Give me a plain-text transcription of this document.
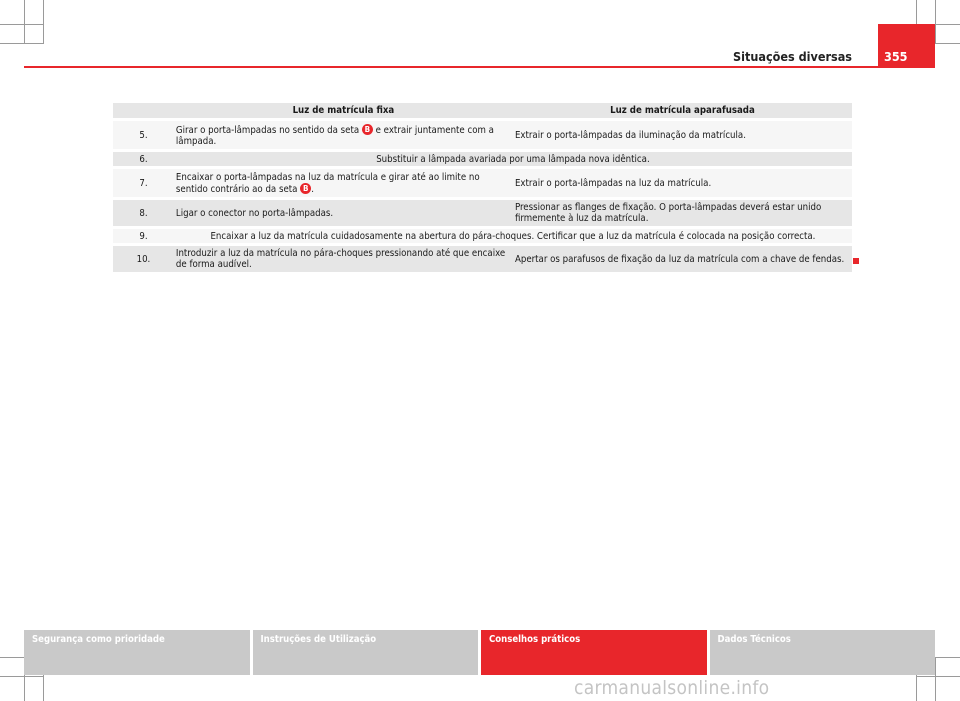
Situações diversas	355
	Luz de matrícula fixa	Luz de matrícula aparafusada
5.	Girar o porta-lâmpadas no sentido da seta B e extrair juntamente com a lâmpada.	Extrair o porta-lâmpadas da iluminação da matrícula.
6.	Substituir a lâmpada avariada por uma lâmpada nova idêntica.	
7.	Encaixar o porta-lâmpadas na luz da matrícula e girar até ao limite no sentido contrário ao da seta B .	Extrair o porta-lâmpadas na luz da matrícula.
8.	Ligar o conector no porta-lâmpadas.	Pressionar as flanges de fixação. O porta-lâmpadas deverá estar unido firmemente à luz da matrícula.
9.	Encaixar a luz da matrícula cuidadosamente na abertura do pára-choques. Certificar que a luz da matrícula é colocada na posição correcta.	
10.	Introduzir a luz da matrícula no pára-choques pressionando até que encaixe de forma audível.	Apertar os parafusos de fixação da luz da matrícula com a chave de fendas.
Segurança como prioridade	Instruções de Utilização	Conselhos práticos	Dados Técnicos
carmanualsonline.info
